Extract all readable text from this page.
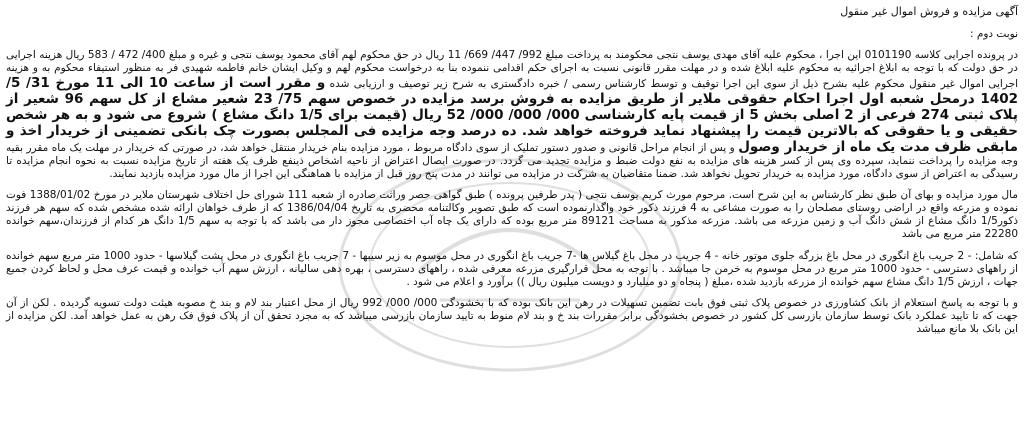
آگهی مزایده و فروش اموال غیر منقول
نوبت دوم :
در پرونده اجرایی کلاسه 0101190 این اجرا ، محکوم علیه آقای مهدی یوسف نتجی محکومند به پرداخت مبلغ 992/ 447/ 669/ 11 ریال در حق محکوم لهم آقای محمود یوسف نتجی و غیره و مبلغ 400/ 472 / 583 ریال هزینه اجرایی در حق دولت که با توجه به ابلاغ اجرائیه به محکوم علیه ابلاغ شده و در مهلت مقرر قانونی نسبت به اجرای حکم اقدامی ننموده بنا به درخواست محکوم لهم و وکیل ایشان خانم فاطمه شهیدی فر به منظور استیفاء محکوم به و هزینه اجرایی اموال غیر منقول محکوم علیه بشرح ذیل از سوی این اجرا توقیف و توسط کارشناس رسمی / خبره دادگستری به شرح زیر توصیف و ارزیابی شده و مقرر است از ساعت 10 الی 11 مورخ 31/ 5/ 1402 درمحل شعبه اول اجرا احکام حقوقی ملایر از طریق مزایده به فروش برسد مزایده در خصوص سهم 75/ 23 شعیر مشاع از کل سهم 96 شعیر از پلاک ثبتی 274 فرعی از 2 اصلی بخش 5 از قیمت پایه کارشناسی 000/ 000/ 000/ 52 ریال (قیمت برای 1/5 دانگ مشاع ) شروع می شود و به هر شخص حقیقی و یا حقوقی که بالاترین قیمت را پیشنهاد نماید فروخته خواهد شد. ده درصد وجه مزایده فی المجلس بصورت چک بانکی تضمینی از خریدار اخذ و مابقی ظرف مدت یک ماه از خریدار وصول و پس از انجام مراحل قانونی و صدور دستور تملیک از سوی دادگاه مربوط ، مورد مزایده بنام خریدار منتقل خواهد شد، در صورتی که خریدار در مهلت یک ماه مقرر بقیه وجه مزایده را پرداخت ننماید، سپرده وی پس از کسر هزینه های مزایده به نفع دولت ضبط و مزایده تجدید می گردد. در صورت ایصال اعتراض از ناحیه اشخاص ذینفع ظرف یک هفته از تاریخ مزایده نسبت به نحوه انجام مزایده تا رسیدگی به اعتراض از سوی دادگاه، مورد مزایده به خریدار تحویل نخواهد شد. ضمنا متقاضیان به شرکت در مزایده می توانند در مدت پنج روز قبل از مزایده با هماهنگی این اجرا از مال مورد مزایده بازدید نمایند.
مال مورد مزایده و بهای آن طبق نظر کارشناس به این شرح است. مرحوم مورث کریم یوسف نتجی ( پدر طرفین پرونده ) طبق گواهی حصر وراثت صادره از شعبه 111 شورای حل اختلاف شهرستان ملایر در مورخ 1388/01/02 فوت نموده و مزرعه واقع در اراضی روستای مصلحان را به صورت مشاعی به 4 فرزند ذکور خود واگذارنموده است که طبق تصویر وکالتنامه محضری به تاریخ 1386/04/04 که از طرف خواهان ارائه شده مشخص شده که سهم هر فرزند ذکور1/5 دانگ مشاع از شش دانگ آب و زمین مزرعه می باشد. مزرعه مذکور به مساحت 89121 متر مربع بوده که دارای یک چاه آب اختصاصی مجوز دار می باشد که با توجه به سهم 1/5 دانگ هر کدام از فرزندان،سهم خوانده 22280 متر مربع می باشد
که شامل: - 2 جریب باغ انگوری در محل باغ بزرگه جلوی موتور خانه - 4 جریب در محل باغ گیلاس ها -7 جریب باغ انگوری در محل موسوم به زیر سیبها - 7 جریب باغ انگوری در محل پشت گیلاسها - حدود 1000 متر مربع سهم خوانده از راههای دسترسی - حدود 1000 متر مربع در محل موسوم به خرمن جا میباشد . با توجه به محل قرارگیری مزرعه معرفی شده ، راههای دسترسی ، بهره دهی سالیانه ، ارزش سهم آب خوانده و قیمت عرف محل و لحاظ کردن جمیع جهات ، ارزش 1/5 دانگ مشاع سهم خوانده از مزرعه بازدید شده ،مبلغ ( پنجاه و دو میلیارد و دویست میلیون ریال )) برآورد و اعلام می شود .
و با توجه به پاسخ استعلام از بانک کشاورزی در خصوص پلاک ثبتی فوق بابت تضمین تسهیلات در رهن این بانک بوده که با بخشودگی 000/ 000/ 992 ریال از محل اعتبار بند لام و بند خ مصوبه هیئت دولت تسویه گردیده . لکن از آن جهت که تا تایید عملکرد بانک توسط سازمان بازرسی کل کشور در خصوص بخشودگی برابر مقررات بند خ و بند لام منوط به تایید سازمان بازرسی میباشد که به مجرد تحقق آن از پلاک فوق فک رهن به عمل خواهد آمد. لکن مزایده از این بانک بلا مانع میباشد
